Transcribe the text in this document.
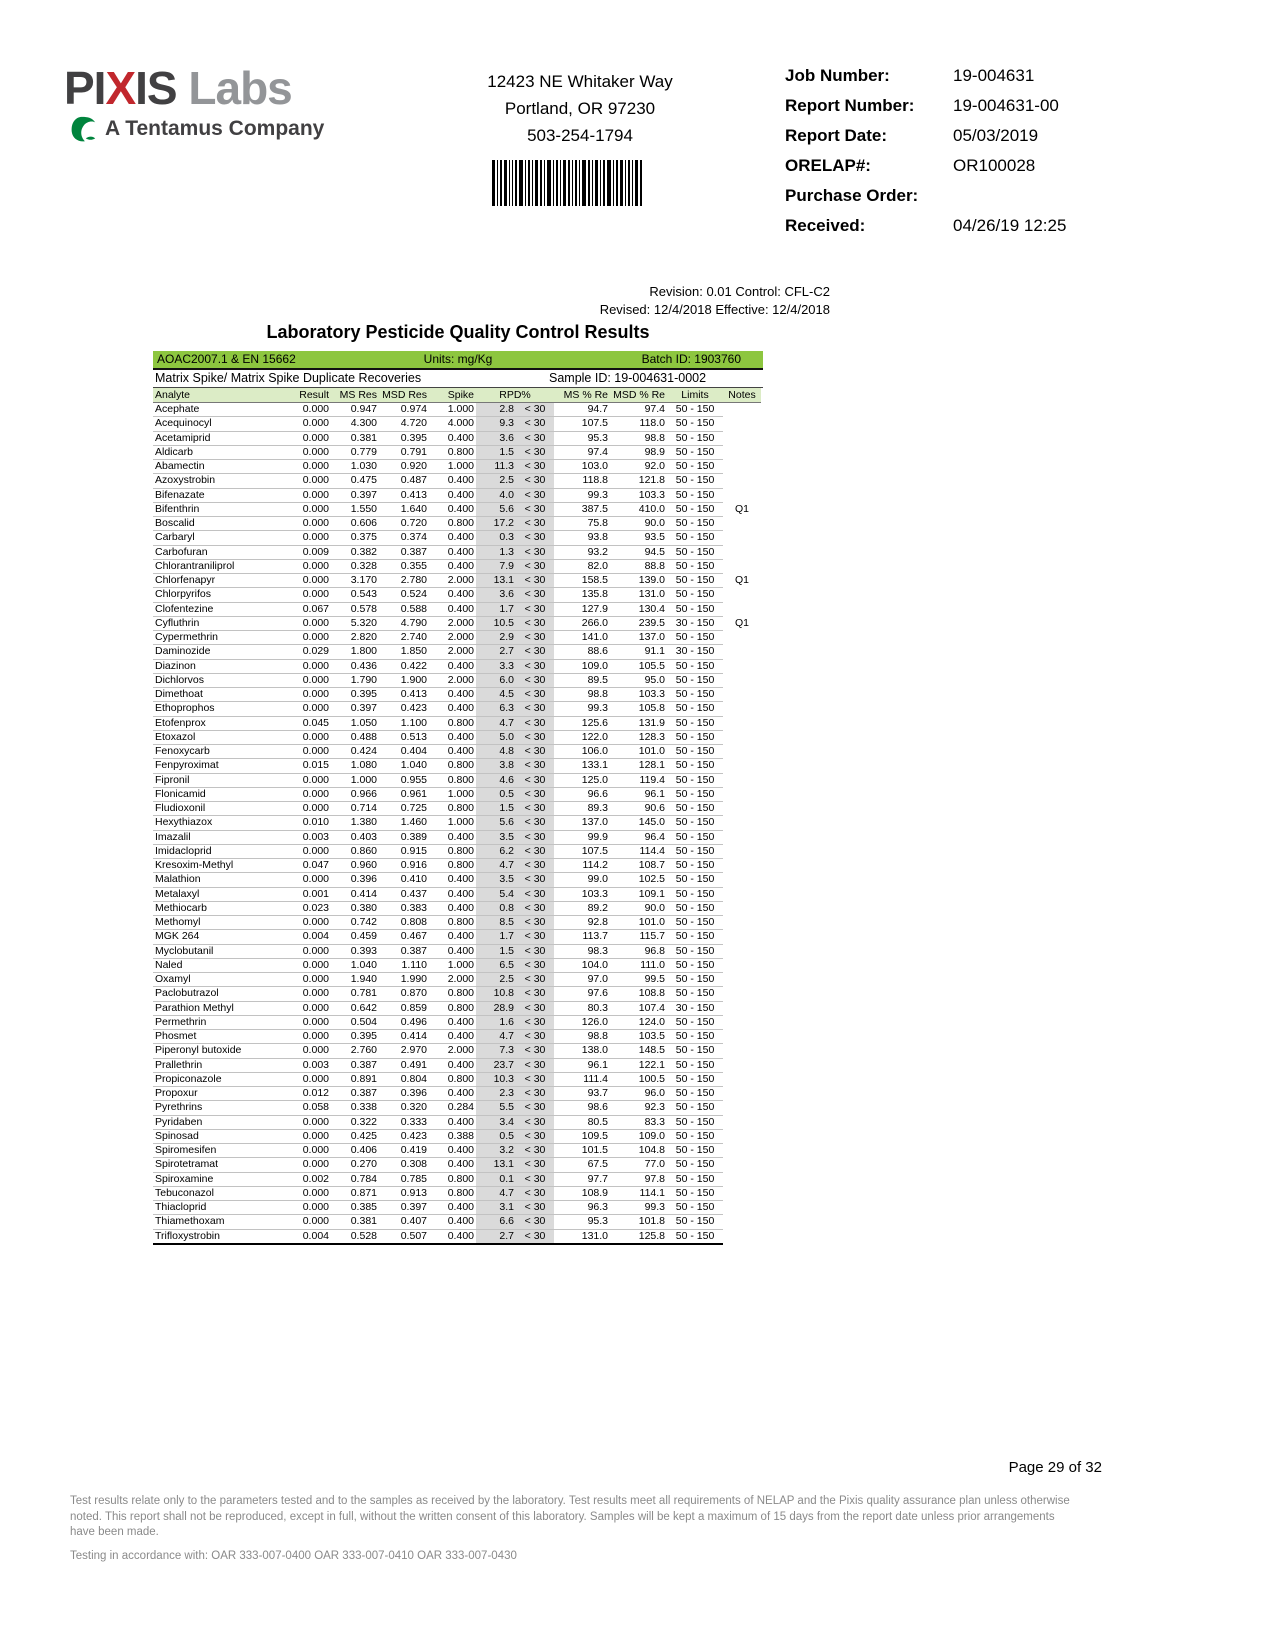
PIXIS Labs
A Tentamus Company
12423 NE Whitaker Way
Portland, OR 97230
503-254-1794
Job Number:	19-004631
Report Number:	19-004631-00
Report Date:	05/03/2019
ORELAP#:	OR100028
Purchase Order:
Received:	04/26/19 12:25
Revision: 0.01 Control: CFL-C2
Revised: 12/4/2018 Effective: 12/4/2018
Laboratory Pesticide Quality Control Results
AOAC2007.1 & EN 15662	Units: mg/Kg	Batch ID: 1903760
Matrix Spike/ Matrix Spike Duplicate Recoveries	Sample ID: 19-004631-0002
Analyte	Result	MS Res	MSD Res	Spike	RPD%		MS % Re	MSD % Re	Limits	Notes
Acephate	0.000	0.947	0.974	1.000	2.8	< 30	94.7	97.4	50 - 150	
Acequinocyl	0.000	4.300	4.720	4.000	9.3	< 30	107.5	118.0	50 - 150	
Acetamiprid	0.000	0.381	0.395	0.400	3.6	< 30	95.3	98.8	50 - 150	
Aldicarb	0.000	0.779	0.791	0.800	1.5	< 30	97.4	98.9	50 - 150	
Abamectin	0.000	1.030	0.920	1.000	11.3	< 30	103.0	92.0	50 - 150	
Azoxystrobin	0.000	0.475	0.487	0.400	2.5	< 30	118.8	121.8	50 - 150	
Bifenazate	0.000	0.397	0.413	0.400	4.0	< 30	99.3	103.3	50 - 150	
Bifenthrin	0.000	1.550	1.640	0.400	5.6	< 30	387.5	410.0	50 - 150	Q1
Boscalid	0.000	0.606	0.720	0.800	17.2	< 30	75.8	90.0	50 - 150	
Carbaryl	0.000	0.375	0.374	0.400	0.3	< 30	93.8	93.5	50 - 150	
Carbofuran	0.009	0.382	0.387	0.400	1.3	< 30	93.2	94.5	50 - 150	
Chlorantraniliprol	0.000	0.328	0.355	0.400	7.9	< 30	82.0	88.8	50 - 150	
Chlorfenapyr	0.000	3.170	2.780	2.000	13.1	< 30	158.5	139.0	50 - 150	Q1
Chlorpyrifos	0.000	0.543	0.524	0.400	3.6	< 30	135.8	131.0	50 - 150	
Clofentezine	0.067	0.578	0.588	0.400	1.7	< 30	127.9	130.4	50 - 150	
Cyfluthrin	0.000	5.320	4.790	2.000	10.5	< 30	266.0	239.5	30 - 150	Q1
Cypermethrin	0.000	2.820	2.740	2.000	2.9	< 30	141.0	137.0	50 - 150	
Daminozide	0.029	1.800	1.850	2.000	2.7	< 30	88.6	91.1	30 - 150	
Diazinon	0.000	0.436	0.422	0.400	3.3	< 30	109.0	105.5	50 - 150	
Dichlorvos	0.000	1.790	1.900	2.000	6.0	< 30	89.5	95.0	50 - 150	
Dimethoat	0.000	0.395	0.413	0.400	4.5	< 30	98.8	103.3	50 - 150	
Ethoprophos	0.000	0.397	0.423	0.400	6.3	< 30	99.3	105.8	50 - 150	
Etofenprox	0.045	1.050	1.100	0.800	4.7	< 30	125.6	131.9	50 - 150	
Etoxazol	0.000	0.488	0.513	0.400	5.0	< 30	122.0	128.3	50 - 150	
Fenoxycarb	0.000	0.424	0.404	0.400	4.8	< 30	106.0	101.0	50 - 150	
Fenpyroximat	0.015	1.080	1.040	0.800	3.8	< 30	133.1	128.1	50 - 150	
Fipronil	0.000	1.000	0.955	0.800	4.6	< 30	125.0	119.4	50 - 150	
Flonicamid	0.000	0.966	0.961	1.000	0.5	< 30	96.6	96.1	50 - 150	
Fludioxonil	0.000	0.714	0.725	0.800	1.5	< 30	89.3	90.6	50 - 150	
Hexythiazox	0.010	1.380	1.460	1.000	5.6	< 30	137.0	145.0	50 - 150	
Imazalil	0.003	0.403	0.389	0.400	3.5	< 30	99.9	96.4	50 - 150	
Imidacloprid	0.000	0.860	0.915	0.800	6.2	< 30	107.5	114.4	50 - 150	
Kresoxim-Methyl	0.047	0.960	0.916	0.800	4.7	< 30	114.2	108.7	50 - 150	
Malathion	0.000	0.396	0.410	0.400	3.5	< 30	99.0	102.5	50 - 150	
Metalaxyl	0.001	0.414	0.437	0.400	5.4	< 30	103.3	109.1	50 - 150	
Methiocarb	0.023	0.380	0.383	0.400	0.8	< 30	89.2	90.0	50 - 150	
Methomyl	0.000	0.742	0.808	0.800	8.5	< 30	92.8	101.0	50 - 150	
MGK 264	0.004	0.459	0.467	0.400	1.7	< 30	113.7	115.7	50 - 150	
Myclobutanil	0.000	0.393	0.387	0.400	1.5	< 30	98.3	96.8	50 - 150	
Naled	0.000	1.040	1.110	1.000	6.5	< 30	104.0	111.0	50 - 150	
Oxamyl	0.000	1.940	1.990	2.000	2.5	< 30	97.0	99.5	50 - 150	
Paclobutrazol	0.000	0.781	0.870	0.800	10.8	< 30	97.6	108.8	50 - 150	
Parathion Methyl	0.000	0.642	0.859	0.800	28.9	< 30	80.3	107.4	30 - 150	
Permethrin	0.000	0.504	0.496	0.400	1.6	< 30	126.0	124.0	50 - 150	
Phosmet	0.000	0.395	0.414	0.400	4.7	< 30	98.8	103.5	50 - 150	
Piperonyl butoxide	0.000	2.760	2.970	2.000	7.3	< 30	138.0	148.5	50 - 150	
Prallethrin	0.003	0.387	0.491	0.400	23.7	< 30	96.1	122.1	50 - 150	
Propiconazole	0.000	0.891	0.804	0.800	10.3	< 30	111.4	100.5	50 - 150	
Propoxur	0.012	0.387	0.396	0.400	2.3	< 30	93.7	96.0	50 - 150	
Pyrethrins	0.058	0.338	0.320	0.284	5.5	< 30	98.6	92.3	50 - 150	
Pyridaben	0.000	0.322	0.333	0.400	3.4	< 30	80.5	83.3	50 - 150	
Spinosad	0.000	0.425	0.423	0.388	0.5	< 30	109.5	109.0	50 - 150	
Spiromesifen	0.000	0.406	0.419	0.400	3.2	< 30	101.5	104.8	50 - 150	
Spirotetramat	0.000	0.270	0.308	0.400	13.1	< 30	67.5	77.0	50 - 150	
Spiroxamine	0.002	0.784	0.785	0.800	0.1	< 30	97.7	97.8	50 - 150	
Tebuconazol	0.000	0.871	0.913	0.800	4.7	< 30	108.9	114.1	50 - 150	
Thiacloprid	0.000	0.385	0.397	0.400	3.1	< 30	96.3	99.3	50 - 150	
Thiamethoxam	0.000	0.381	0.407	0.400	6.6	< 30	95.3	101.8	50 - 150	
Trifloxystrobin	0.004	0.528	0.507	0.400	2.7	< 30	131.0	125.8	50 - 150	
Page 29 of 32
Test results relate only to the parameters tested and to the samples as received by the laboratory. Test results meet all requirements of NELAP and the Pixis quality assurance plan unless otherwise noted. This report shall not be reproduced, except in full, without the written consent of this laboratory. Samples will be kept a maximum of 15 days from the report date unless prior arrangements have been made.
Testing in accordance with: OAR 333-007-0400 OAR 333-007-0410 OAR 333-007-0430
